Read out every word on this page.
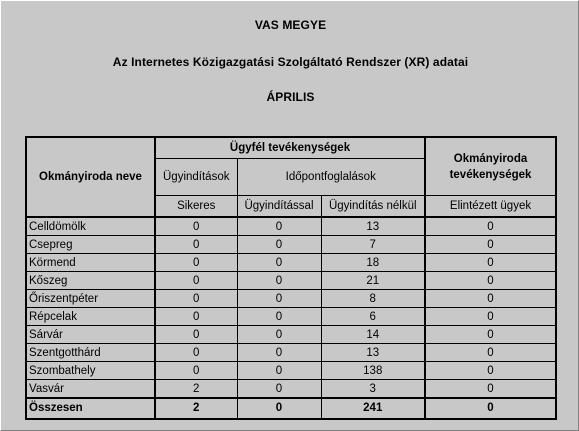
VAS MEGYE
Az Internetes Közigazgatási Szolgáltató Rendszer (XR) adatai
ÁPRILIS
Okmányiroda neve	Ügyfél tevékenységek			Okmányiroda tevékenységek
	Ügyindítások	Időpontfoglalások		
	Sikeres	Ügyindítással	Ügyindítás nélkül	Elintézett ügyek
Celldömölk	0	0	13	0
Csepreg	0	0	7	0
Körmend	0	0	18	0
Kőszeg	0	0	21	0
Őriszentpéter	0	0	8	0
Répcelak	0	0	6	0
Sárvár	0	0	14	0
Szentgotthárd	0	0	13	0
Szombathely	0	0	138	0
Vasvár	2	0	3	0
Összesen	2	0	241	0
